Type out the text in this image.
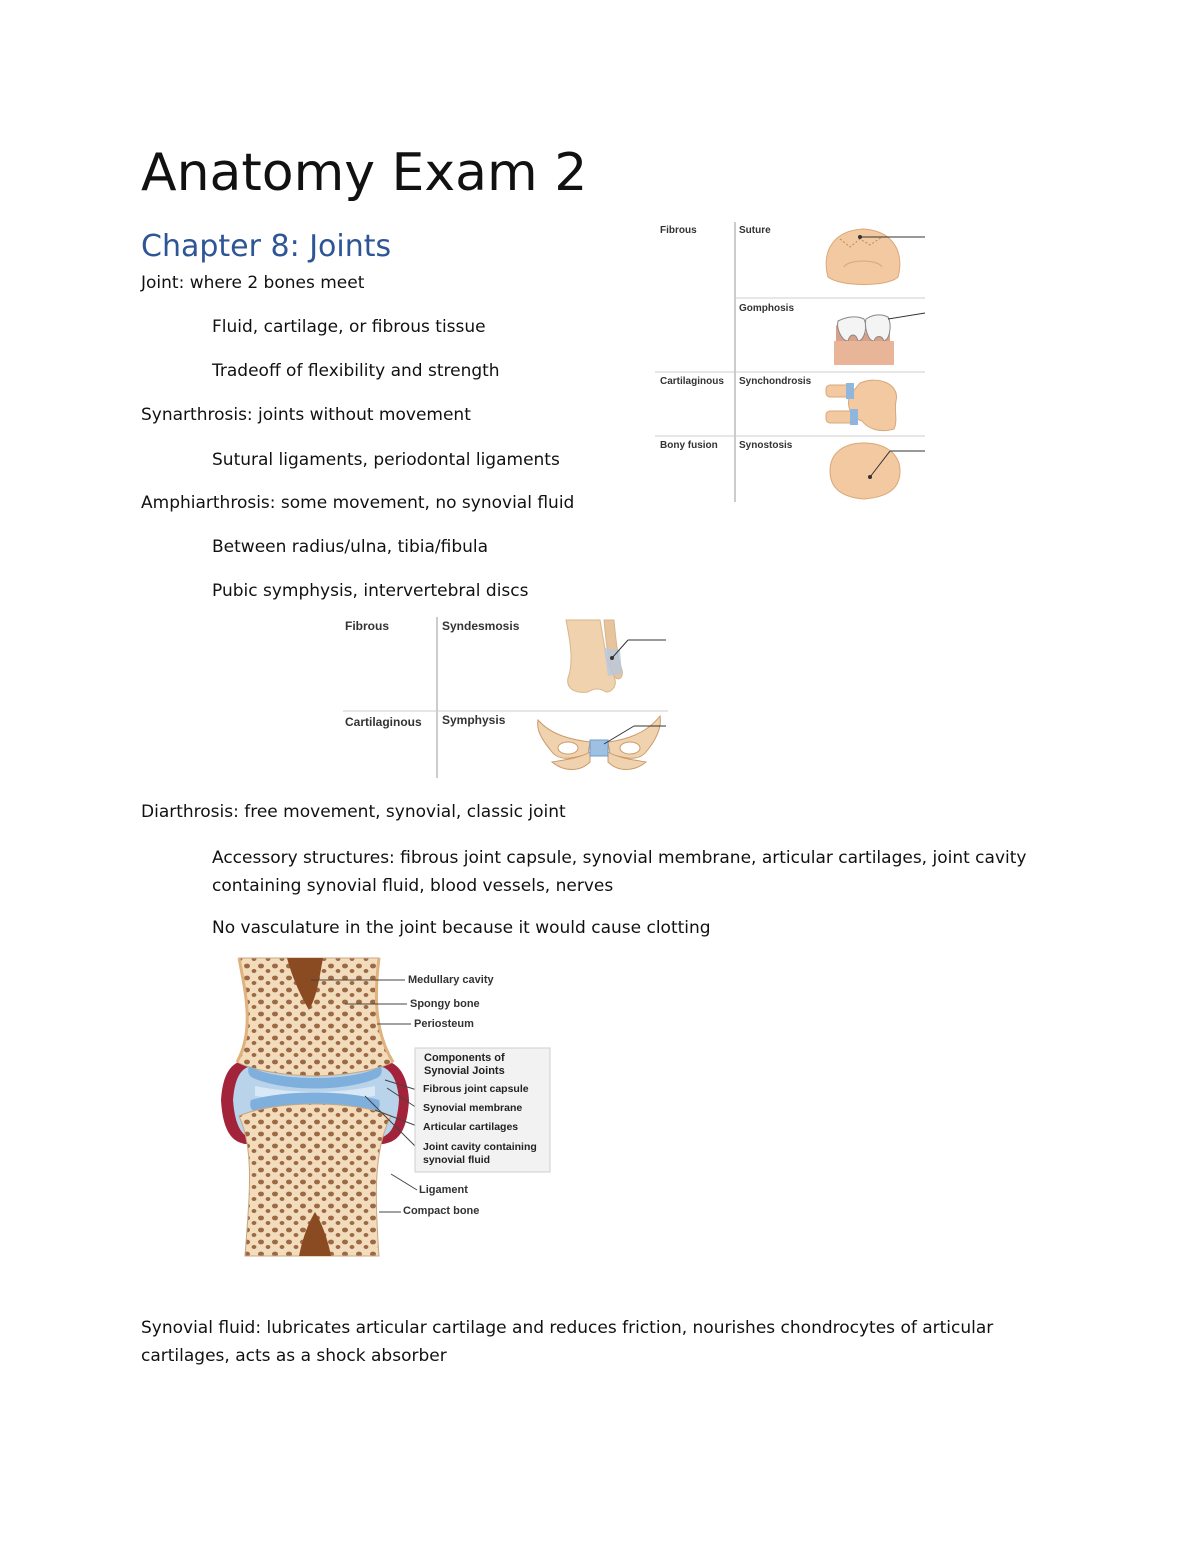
Anatomy Exam 2
Chapter 8: Joints
Joint: where 2 bones meet
Fluid, cartilage, or fibrous tissue
Tradeoff of flexibility and strength
Synarthrosis: joints without movement
Sutural ligaments, periodontal ligaments
Amphiarthrosis: some movement, no synovial fluid
Between radius/ulna, tibia/fibula
Pubic symphysis, intervertebral discs
Diarthrosis: free movement, synovial, classic joint
Accessory structures: fibrous joint capsule, synovial membrane, articular cartilages, joint cavity containing synovial fluid, blood vessels, nerves
No vasculature in the joint because it would cause clotting
Synovial fluid: lubricates articular cartilage and reduces friction, nourishes chondrocytes of articular cartilages, acts as a shock absorber
Fibrous
Cartilaginous
Bony fusion
Suture
Gomphosis
Synchondrosis
Synostosis
Fibrous
Cartilaginous
Syndesmosis
Symphysis
Medullary cavity
Spongy bone
Periosteum
Components of Synovial Joints
Fibrous joint capsule
Synovial membrane
Articular cartilages
Joint cavity containing synovial fluid
Ligament
Compact bone
